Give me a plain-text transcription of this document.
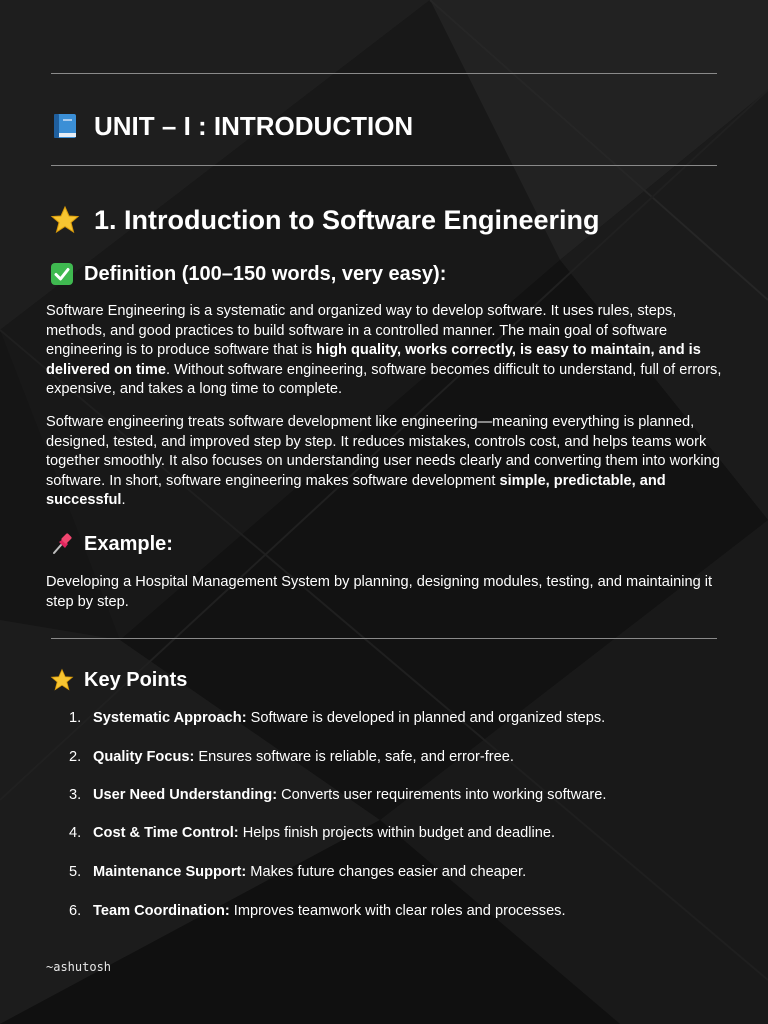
UNIT – I : INTRODUCTION
1. Introduction to Software Engineering
Definition (100–150 words, very easy):

Software Engineering is a systematic and organized way to develop software. It uses rules, steps, methods, and good practices to build software in a controlled manner. The main goal of software engineering is to produce software that is high quality, works correctly, is easy to maintain, and is delivered on time. Without software engineering, software becomes difficult to understand, full of errors, expensive, and takes a long time to complete.

Software engineering treats software development like engineering—meaning everything is planned, designed, tested, and improved step by step. It reduces mistakes, controls cost, and helps teams work together smoothly. It also focuses on understanding user needs clearly and converting them into working software. In short, software engineering makes software development simple, predictable, and successful.

Example:

Developing a Hospital Management System by planning, designing modules, testing, and maintaining it step by step.

Key Points
1. Systematic Approach: Software is developed in planned and organized steps.
2. Quality Focus: Ensures software is reliable, safe, and error-free.
3. User Need Understanding: Converts user requirements into working software.
4. Cost & Time Control: Helps finish projects within budget and deadline.
5. Maintenance Support: Makes future changes easier and cheaper.
6. Team Coordination: Improves teamwork with clear roles and processes.
~ashutosh
